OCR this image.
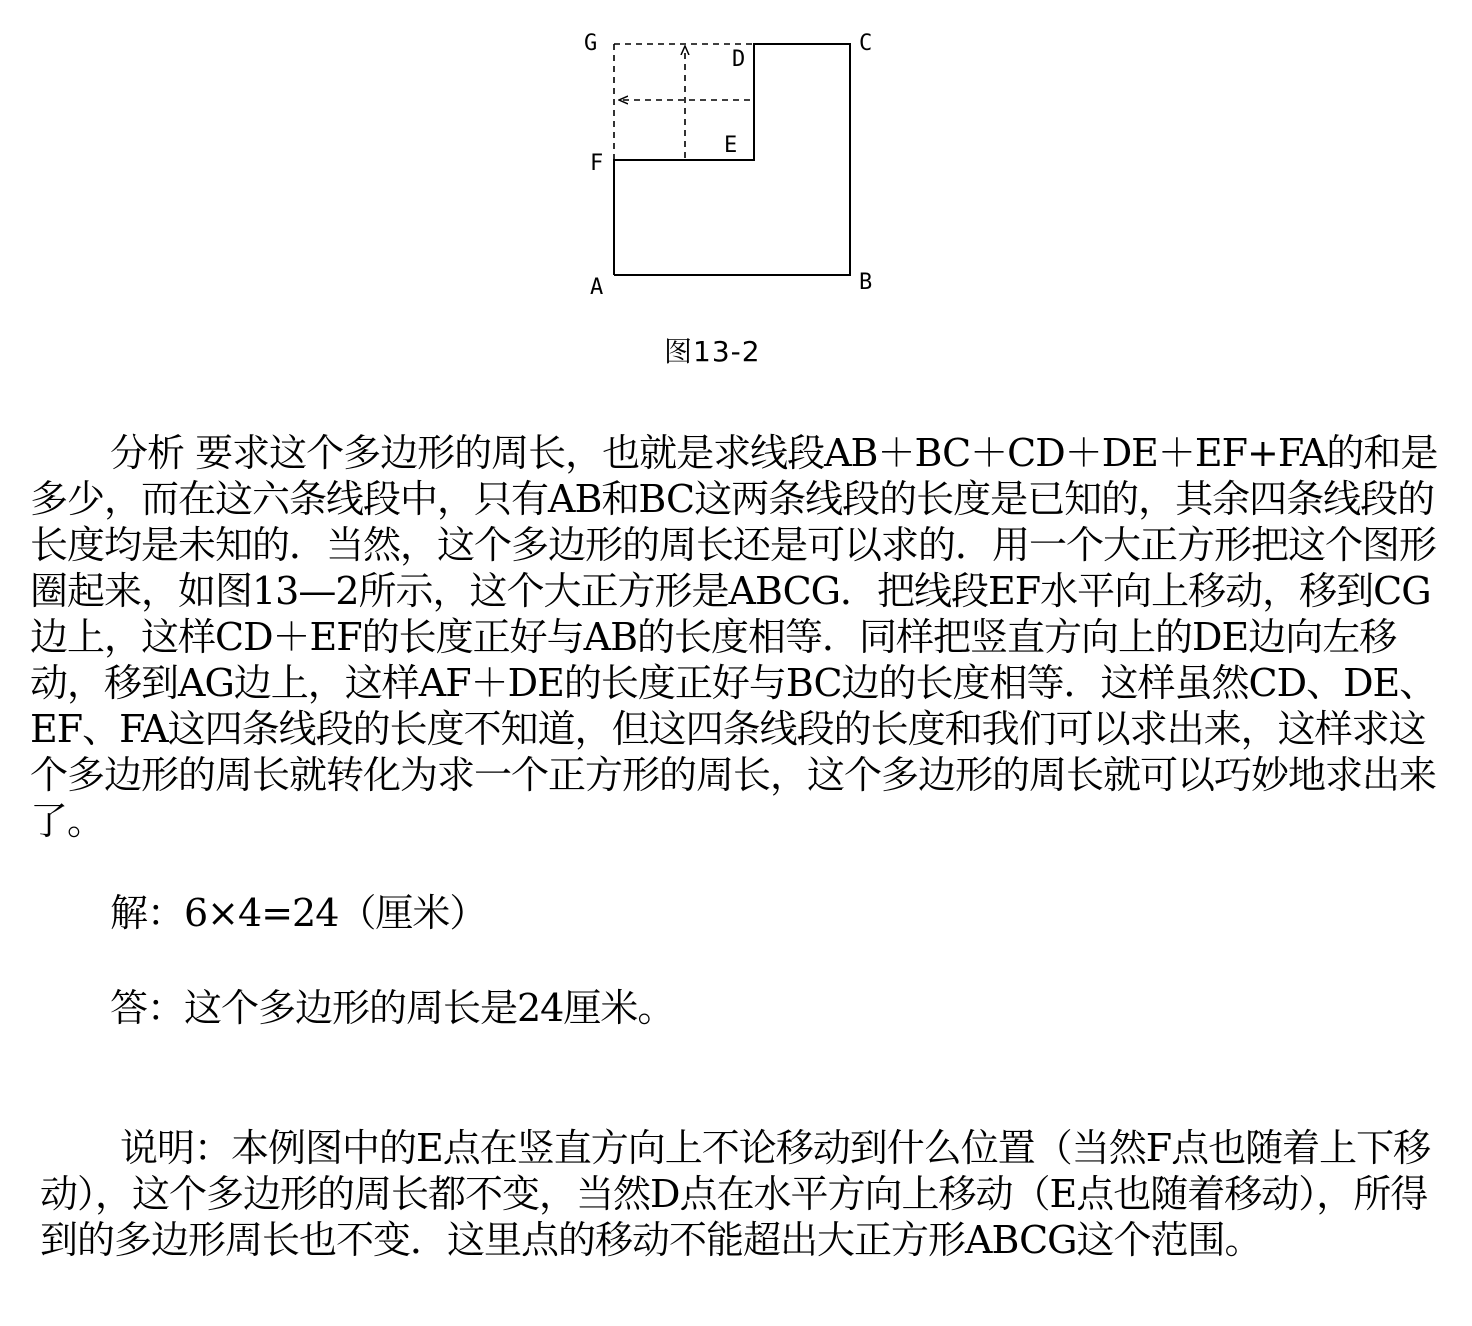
G
D
C
E
F
A	B
图13-2

分析 要求这个多边形的周长，也就是求线段AB＋BC＋CD＋DE＋EF+FA的和是多少，而在这六条线段中，只有AB和BC这两条线段的长度是已知的，其余四条线段的长度均是未知的．当然，这个多边形的周长还是可以求的．用一个大正方形把这个图形圈起来，如图13—2所示，这个大正方形是ABCG．把线段EF水平向上移动，移到CG边上，这样CD＋EF的长度正好与AB的长度相等．同样把竖直方向上的DE边向左移动，移到AG边上，这样AF＋DE的长度正好与BC边的长度相等．这样虽然CD、DE、EF、FA这四条线段的长度不知道，但这四条线段的长度和我们可以求出来，这样求这个多边形的周长就转化为求一个正方形的周长，这个多边形的周长就可以巧妙地求出来了。

解：6×4=24（厘米）

答：这个多边形的周长是24厘米。

说明：本例图中的E点在竖直方向上不论移动到什么位置（当然F点也随着上下移动），这个多边形的周长都不变，当然D点在水平方向上移动（E点也随着移动），所得到的多边形周长也不变．这里点的移动不能超出大正方形ABCG这个范围。
